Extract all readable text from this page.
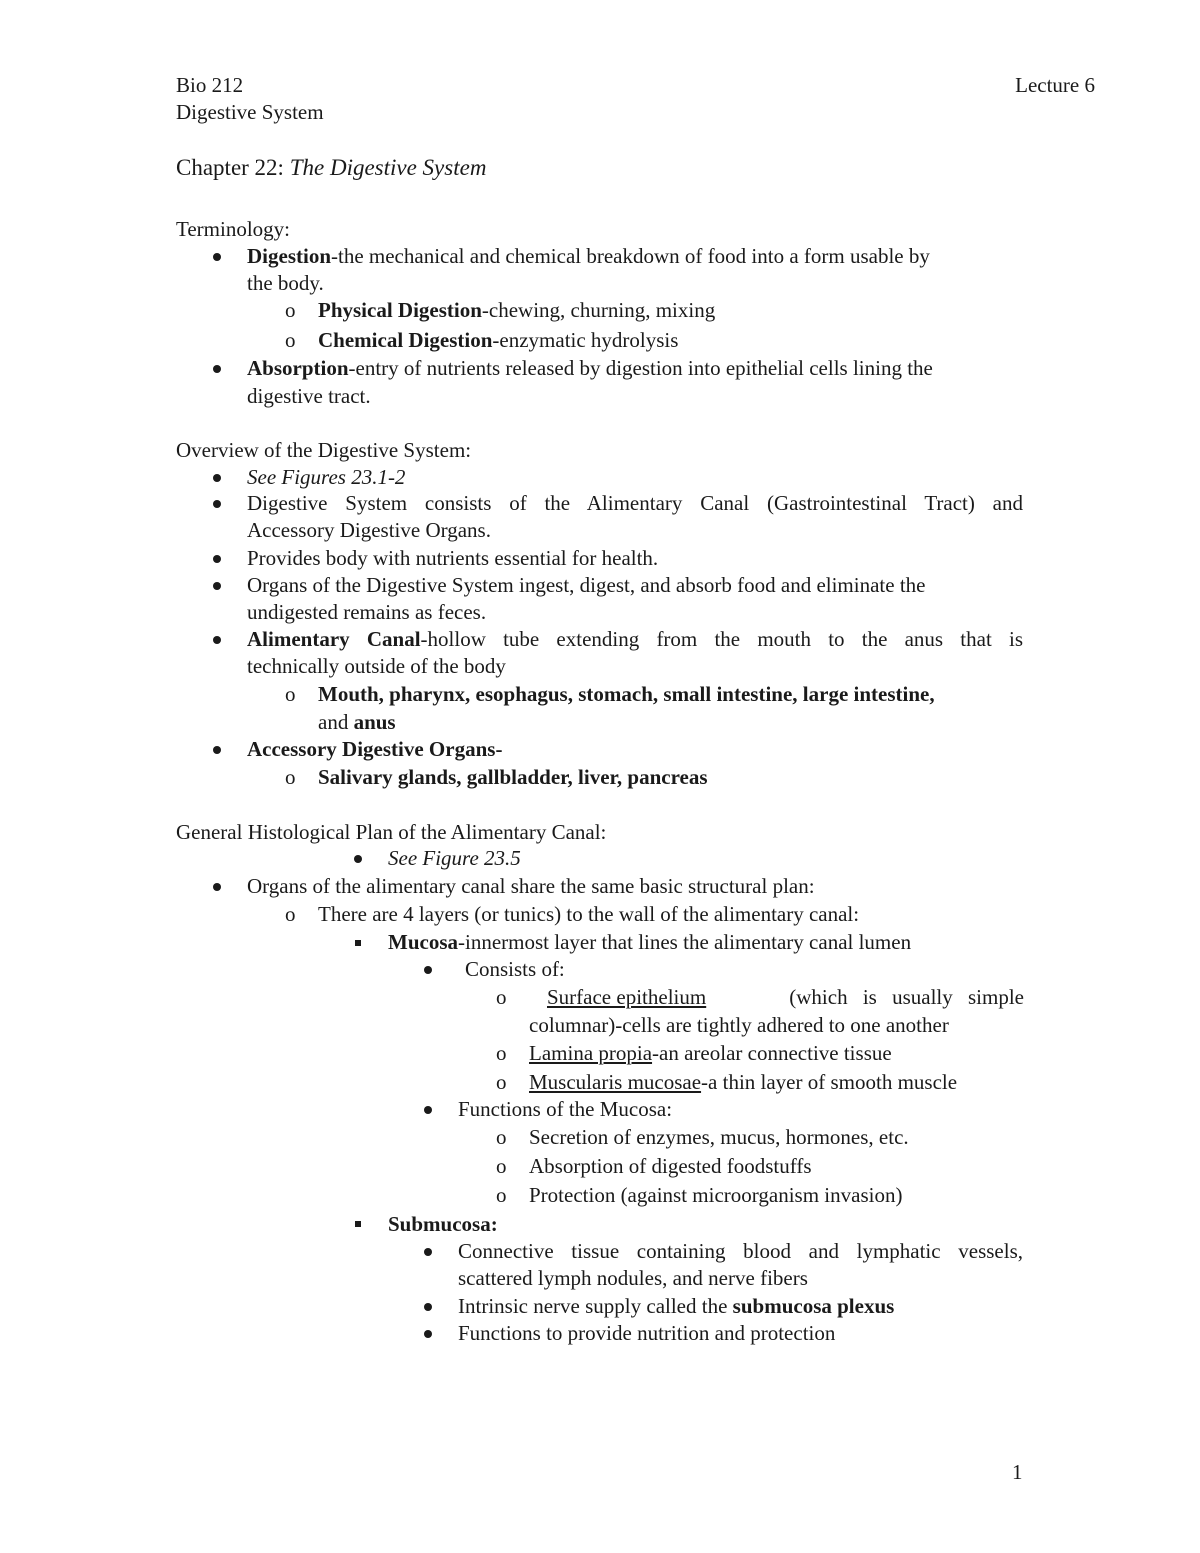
Bio 212	Lecture 6
Digestive System
Chapter 22: The Digestive System
Terminology:
Digestion-the mechanical and chemical breakdown of food into a form usable by
the body.
o Physical Digestion-chewing, churning, mixing
o Chemical Digestion-enzymatic hydrolysis
Absorption-entry of nutrients released by digestion into epithelial cells lining the
digestive tract.
Overview of the Digestive System:
See Figures 23.1-2
Digestive System consists of the Alimentary Canal (Gastrointestinal Tract) and
Accessory Digestive Organs.
Provides body with nutrients essential for health.
Organs of the Digestive System ingest, digest, and absorb food and eliminate the
undigested remains as feces.
Alimentary Canal-hollow tube extending from the mouth to the anus that is
technically outside of the body
o Mouth, pharynx, esophagus, stomach, small intestine, large intestine,
and anus
Accessory Digestive Organs-
o Salivary glands, gallbladder, liver, pancreas
General Histological Plan of the Alimentary Canal:
See Figure 23.5
Organs of the alimentary canal share the same basic structural plan:
o There are 4 layers (or tunics) to the wall of the alimentary canal:
Mucosa-innermost layer that lines the alimentary canal lumen
Consists of:
o Surface epithelium	(which is usually simple
columnar)-cells are tightly adhered to one another
o Lamina propia-an areolar connective tissue
o Muscularis mucosae-a thin layer of smooth muscle
Functions of the Mucosa:
o Secretion of enzymes, mucus, hormones, etc.
o Absorption of digested foodstuffs
o Protection (against microorganism invasion)
Submucosa:
Connective tissue containing blood and lymphatic vessels,
scattered lymph nodules, and nerve fibers
Intrinsic nerve supply called the submucosa plexus
Functions to provide nutrition and protection
1
